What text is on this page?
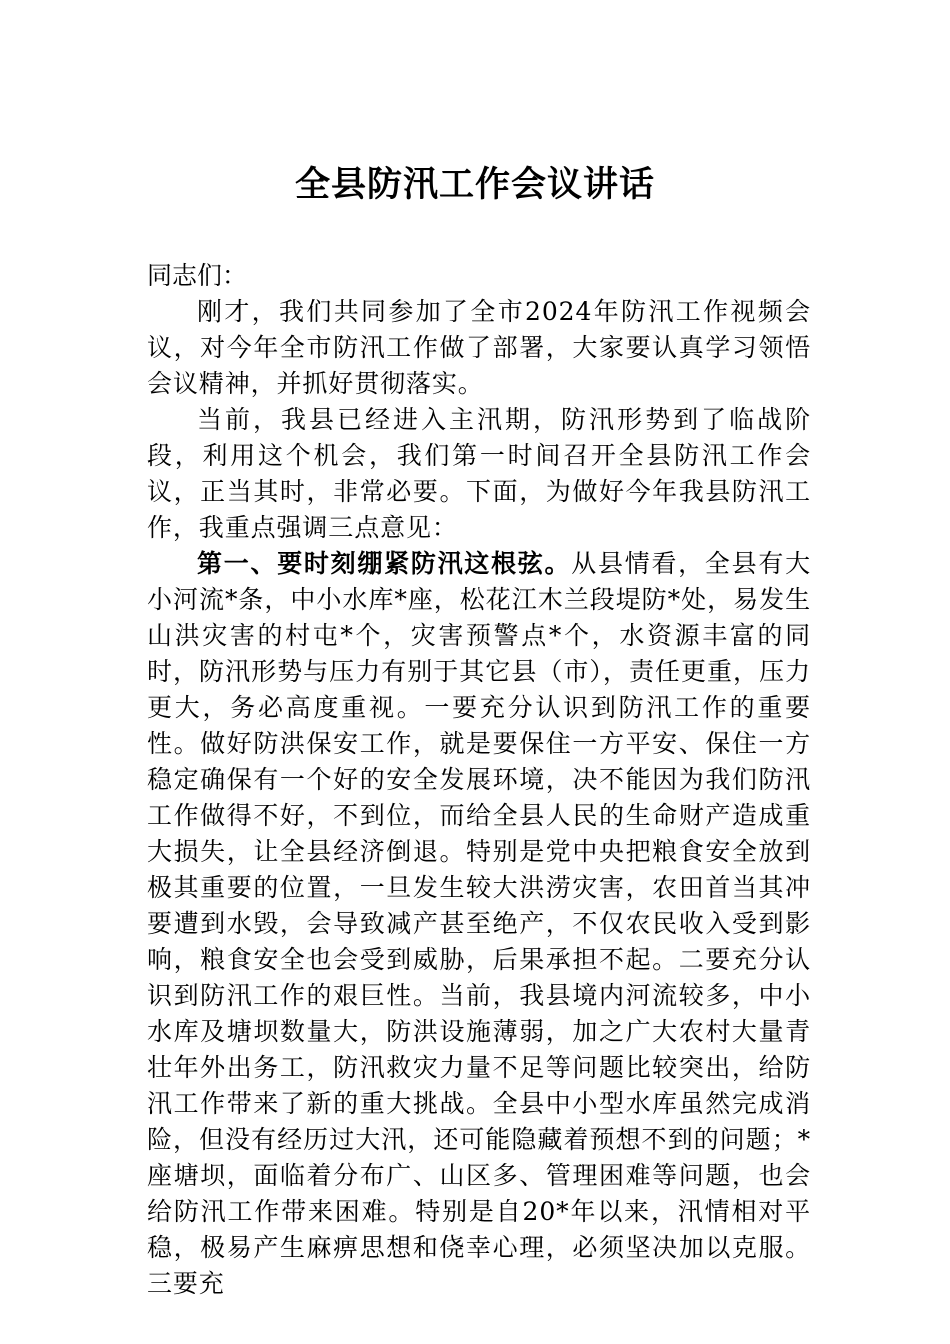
全县防汛工作会议讲话

同志们：

刚才，我们共同参加了全市2024年防汛工作视频会议，对今年全市防汛工作做了部署，大家要认真学习领悟会议精神，并抓好贯彻落实。

当前，我县已经进入主汛期，防汛形势到了临战阶段，利用这个机会，我们第一时间召开全县防汛工作会议，正当其时，非常必要。下面，为做好今年我县防汛工作，我重点强调三点意见：

第一、要时刻绷紧防汛这根弦。从县情看，全县有大小河流*条，中小水库*座，松花江木兰段堤防*处，易发生山洪灾害的村屯*个，灾害预警点*个，水资源丰富的同时，防汛形势与压力有别于其它县（市），责任更重，压力更大，务必高度重视。一要充分认识到防汛工作的重要性。做好防洪保安工作，就是要保住一方平安、保住一方稳定确保有一个好的安全发展环境，决不能因为我们防汛工作做得不好，不到位，而给全县人民的生命财产造成重大损失，让全县经济倒退。特别是党中央把粮食安全放到极其重要的位置，一旦发生较大洪涝灾害，农田首当其冲要遭到水毁，会导致减产甚至绝产，不仅农民收入受到影响，粮食安全也会受到威胁，后果承担不起。二要充分认识到防汛工作的艰巨性。当前，我县境内河流较多，中小水库及塘坝数量大，防洪设施薄弱，加之广大农村大量青壮年外出务工，防汛救灾力量不足等问题比较突出，给防汛工作带来了新的重大挑战。全县中小型水库虽然完成消险，但没有经历过大汛，还可能隐藏着预想不到的问题；*座塘坝，面临着分布广、山区多、管理困难等问题，也会给防汛工作带来困难。特别是自20*年以来，汛情相对平稳，极易产生麻痹思想和侥幸心理，必须坚决加以克服。三要充
